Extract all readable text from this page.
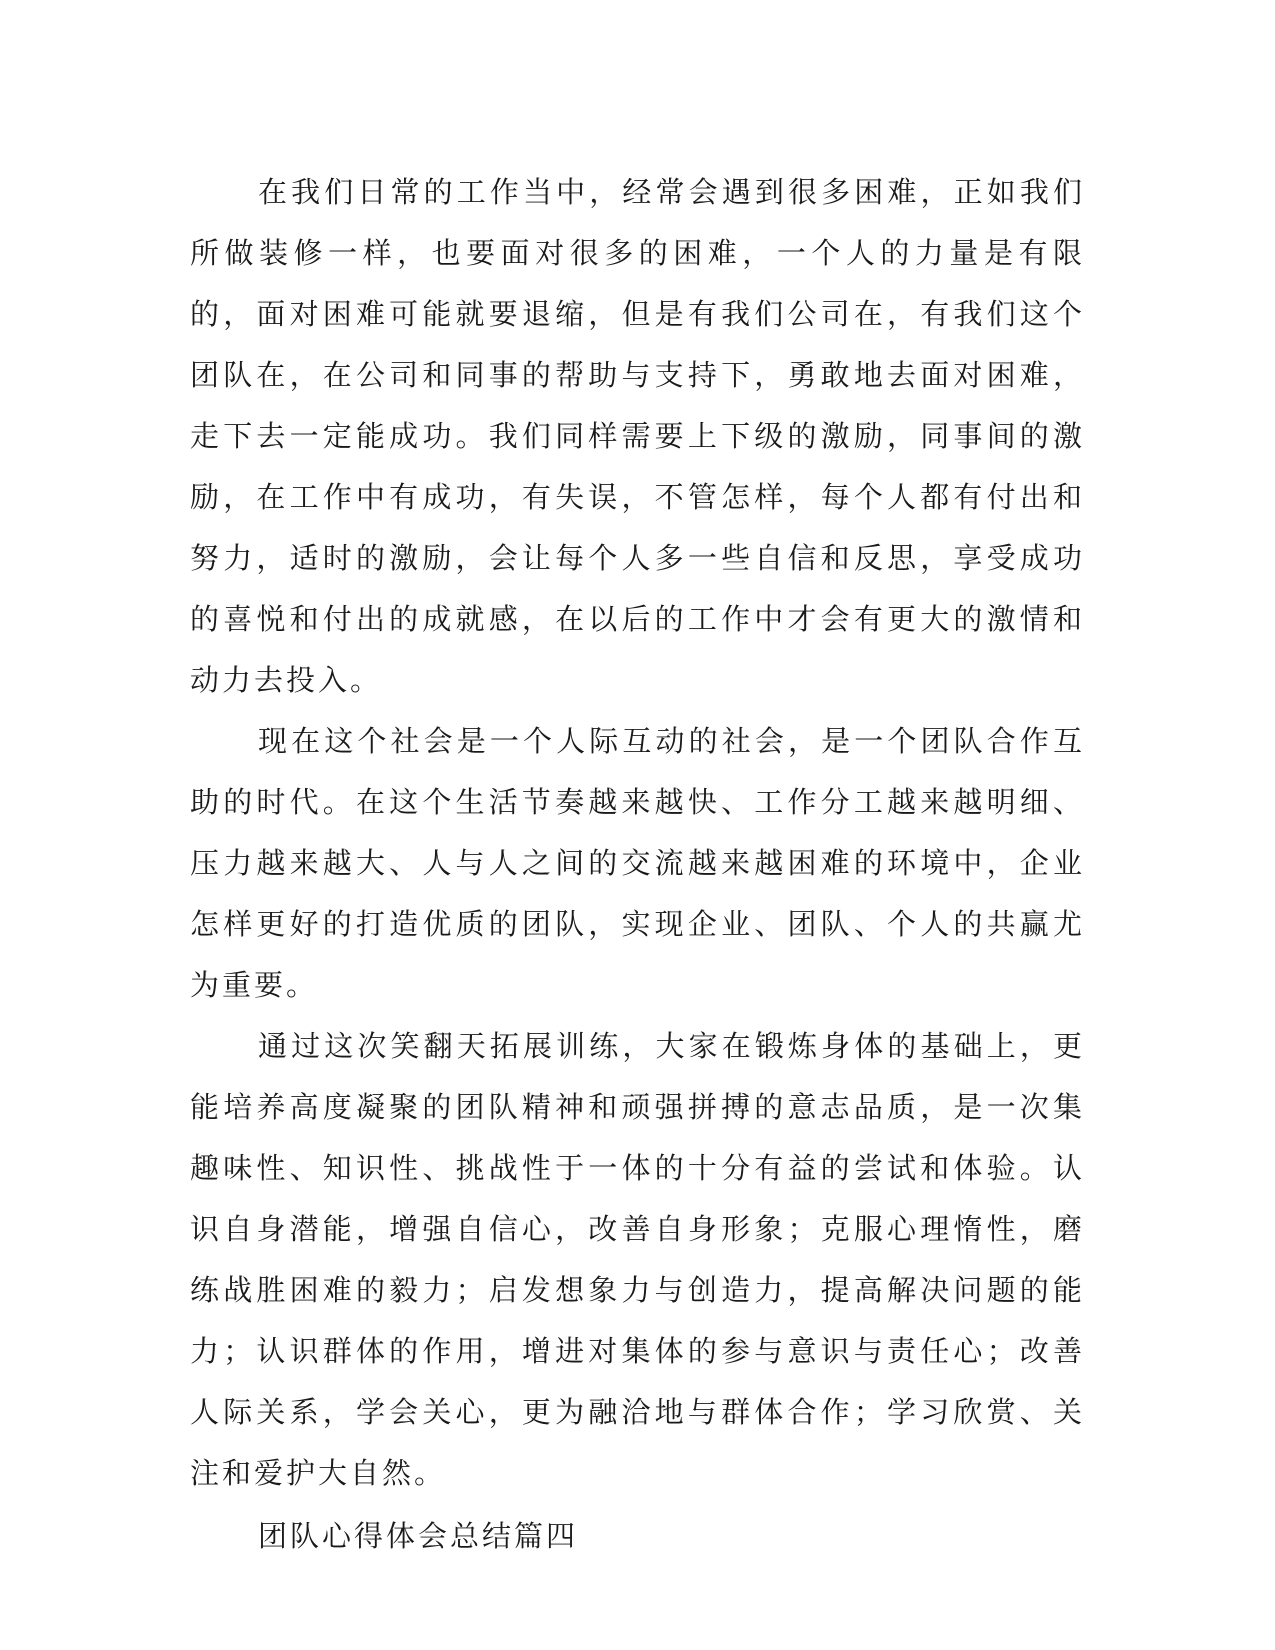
在我们日常的工作当中，经常会遇到很多困难，正如我们所做装修一样，也要面对很多的困难，一个人的力量是有限的，面对困难可能就要退缩，但是有我们公司在，有我们这个团队在，在公司和同事的帮助与支持下，勇敢地去面对困难，走下去一定能成功。我们同样需要上下级的激励，同事间的激励，在工作中有成功，有失误，不管怎样，每个人都有付出和努力，适时的激励，会让每个人多一些自信和反思，享受成功的喜悦和付出的成就感，在以后的工作中才会有更大的激情和动力去投入。

现在这个社会是一个人际互动的社会，是一个团队合作互助的时代。在这个生活节奏越来越快、工作分工越来越明细、压力越来越大、人与人之间的交流越来越困难的环境中，企业怎样更好的打造优质的团队，实现企业、团队、个人的共赢尤为重要。

通过这次笑翻天拓展训练，大家在锻炼身体的基础上，更能培养高度凝聚的团队精神和顽强拼搏的意志品质，是一次集趣味性、知识性、挑战性于一体的十分有益的尝试和体验。认识自身潜能，增强自信心，改善自身形象；克服心理惰性，磨练战胜困难的毅力；启发想象力与创造力，提高解决问题的能力；认识群体的作用，增进对集体的参与意识与责任心；改善人际关系，学会关心，更为融洽地与群体合作；学习欣赏、关注和爱护大自然。

团队心得体会总结篇四
